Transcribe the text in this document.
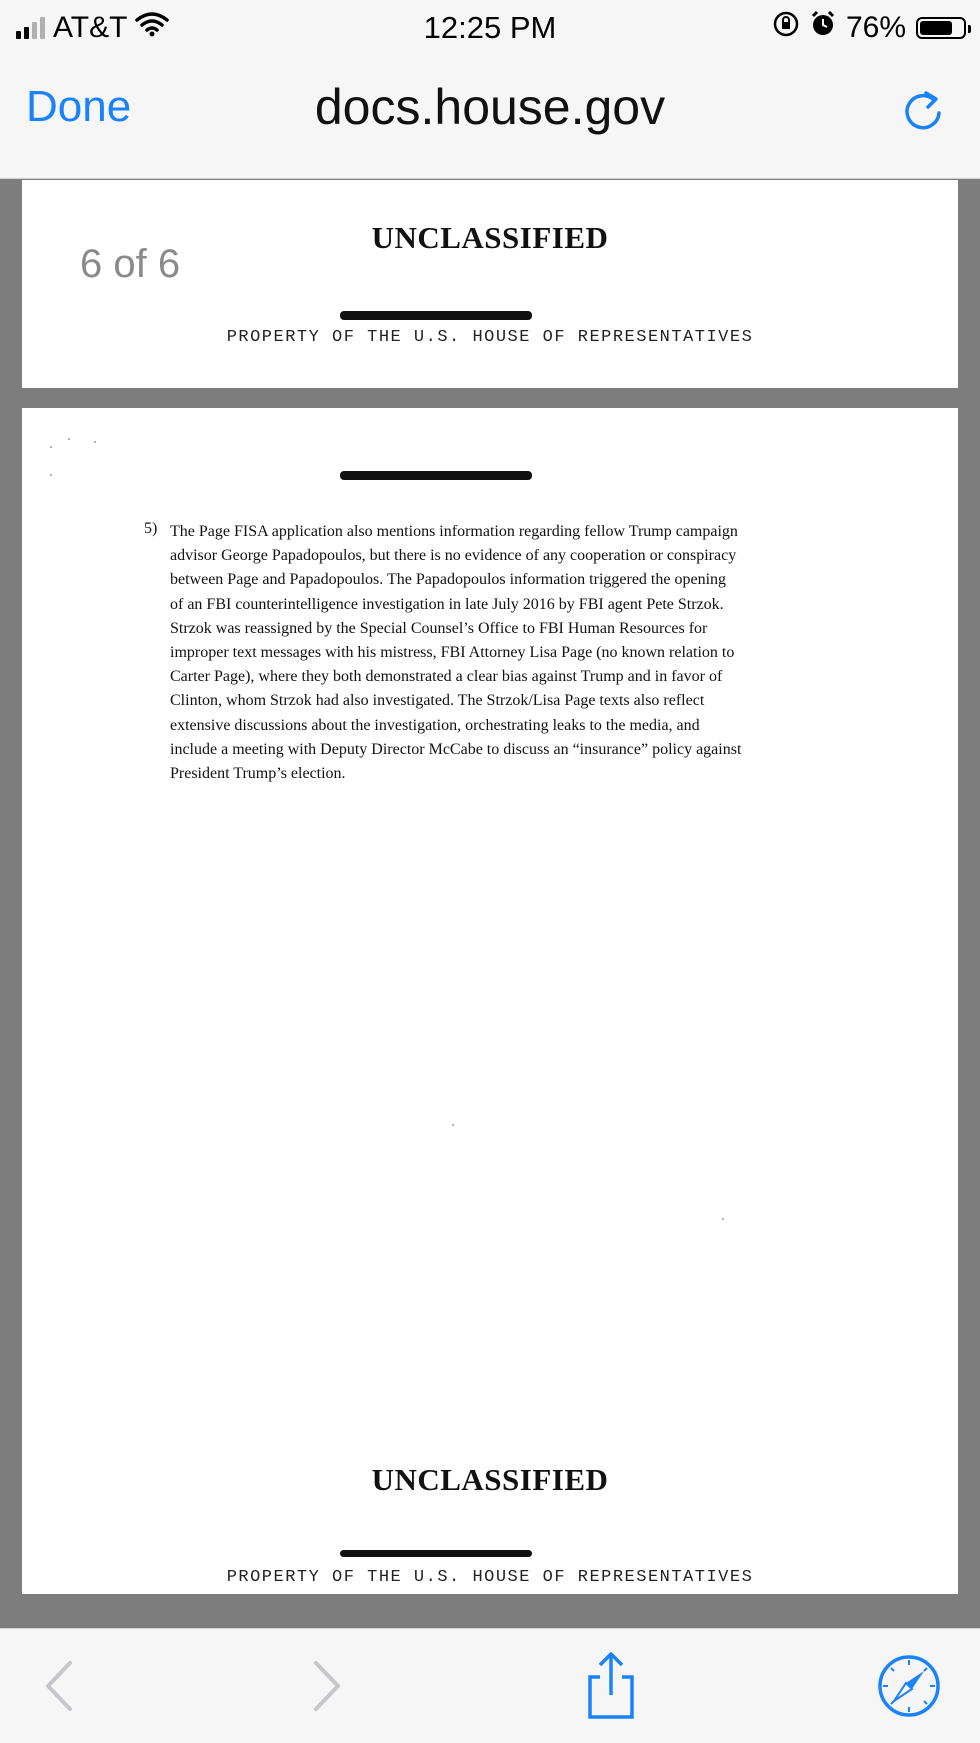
AT&T	12:25 PM	76%
Done	docs.house.gov
6 of 6
UNCLASSIFIED
PROPERTY OF THE U.S. HOUSE OF REPRESENTATIVES
5) The Page FISA application also mentions information regarding fellow Trump campaign
advisor George Papadopoulos, but there is no evidence of any cooperation or conspiracy
between Page and Papadopoulos. The Papadopoulos information triggered the opening
of an FBI counterintelligence investigation in late July 2016 by FBI agent Pete Strzok.
Strzok was reassigned by the Special Counsel’s Office to FBI Human Resources for
improper text messages with his mistress, FBI Attorney Lisa Page (no known relation to
Carter Page), where they both demonstrated a clear bias against Trump and in favor of
Clinton, whom Strzok had also investigated. The Strzok/Lisa Page texts also reflect
extensive discussions about the investigation, orchestrating leaks to the media, and
include a meeting with Deputy Director McCabe to discuss an “insurance” policy against
President Trump’s election.
UNCLASSIFIED
PROPERTY OF THE U.S. HOUSE OF REPRESENTATIVES
